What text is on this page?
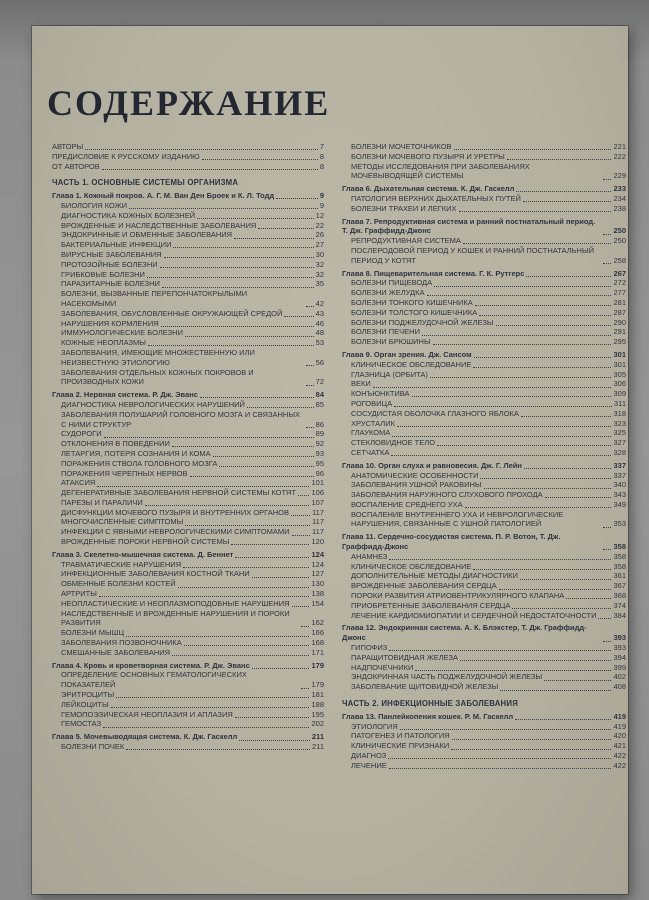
СОДЕРЖАНИЕ
АВТОРЫ	7
ПРЕДИСЛОВИЕ К РУССКОМУ ИЗДАНИЮ	8
ОТ АВТОРОВ	8
ЧАСТЬ 1. ОСНОВНЫЕ СИСТЕМЫ ОРГАНИЗМА
Глава 1. Кожный покров. А. Г. М. Ван Ден Броек и К. Л. Тодд	9
БИОЛОГИЯ КОЖИ	9
ДИАГНОСТИКА КОЖНЫХ БОЛЕЗНЕЙ	12
ВРОЖДЕННЫЕ И НАСЛЕДСТВЕННЫЕ ЗАБОЛЕВАНИЯ	22
ЭНДОКРИННЫЕ И ОБМЕННЫЕ ЗАБОЛЕВАНИЯ	26
БАКТЕРИАЛЬНЫЕ ИНФЕКЦИИ	27
ВИРУСНЫЕ ЗАБОЛЕВАНИЯ	30
ПРОТОЗОЙНЫЕ БОЛЕЗНИ	32
ГРИБКОВЫЕ БОЛЕЗНИ	32
ПАРАЗИТАРНЫЕ БОЛЕЗНИ	35
БОЛЕЗНИ, ВЫЗВАННЫЕ ПЕРЕПОНЧАТОКРЫЛЫМИ НАСЕКОМЫМИ	42
ЗАБОЛЕВАНИЯ, ОБУСЛОВЛЕННЫЕ ОКРУЖАЮЩЕЙ СРЕДОЙ	43
НАРУШЕНИЯ КОРМЛЕНИЯ	46
ИММУНОЛОГИЧЕСКИЕ БОЛЕЗНИ	48
КОЖНЫЕ НЕОПЛАЗМЫ	53
ЗАБОЛЕВАНИЯ, ИМЕЮЩИЕ МНОЖЕСТВЕННУЮ ИЛИ НЕИЗВЕСТНУЮ ЭТИОЛОГИЮ	56
ЗАБОЛЕВАНИЯ ОТДЕЛЬНЫХ КОЖНЫХ ПОКРОВОВ И ПРОИЗВОДНЫХ КОЖИ	72
Глава 2. Нервная система. Р. Дж. Эванс	84
ДИАГНОСТИКА НЕВРОЛОГИЧЕСКИХ НАРУШЕНИЙ	85
ЗАБОЛЕВАНИЯ ПОЛУШАРИЙ ГОЛОВНОГО МОЗГА И СВЯЗАННЫХ С НИМИ СТРУКТУР	86
СУДОРОГИ	89
ОТКЛОНЕНИЯ В ПОВЕДЕНИИ	92
ЛЕТАРГИЯ, ПОТЕРЯ СОЗНАНИЯ И КОМА	93
ПОРАЖЕНИЯ СТВОЛА ГОЛОВНОГО МОЗГА	95
ПОРАЖЕНИЯ ЧЕРЕПНЫХ НЕРВОВ	96
АТАКСИЯ	101
ДЕГЕНЕРАТИВНЫЕ ЗАБОЛЕВАНИЯ НЕРВНОЙ СИСТЕМЫ КОТЯТ 106
ПАРЕЗЫ И ПАРАЛИЧИ	107
ДИСФУНКЦИИ МОЧЕВОГО ПУЗЫРЯ И ВНУТРЕННИХ ОРГАНОВ	117
МНОГОЧИСЛЕННЫЕ СИМПТОМЫ	117
ИНФЕКЦИИ С ЯВНЫМИ НЕВРОЛОГИЧЕСКИМИ СИМПТОМАМИ	117
ВРОЖДЕННЫЕ ПОРОКИ НЕРВНОЙ СИСТЕМЫ	120
Глава 3. Скелетно-мышечная система. Д. Беннет	124
ТРАВМАТИЧЕСКИЕ НАРУШЕНИЯ	124
ИНФЕКЦИОННЫЕ ЗАБОЛЕВАНИЯ КОСТНОЙ ТКАНИ	127
ОБМЕННЫЕ БОЛЕЗНИ КОСТЕЙ	130
АРТРИТЫ	138
НЕОПЛАСТИЧЕСКИЕ И НЕОПЛАЗМОПОДОБНЫЕ НАРУШЕНИЯ	154
НАСЛЕДСТВЕННЫЕ И ВРОЖДЕННЫЕ НАРУШЕНИЯ И ПОРОКИ РАЗВИТИЯ	162
БОЛЕЗНИ МЫШЦ	166
ЗАБОЛЕВАНИЯ ПОЗВОНОЧНИКА	168
СМЕШАННЫЕ ЗАБОЛЕВАНИЯ	171
Глава 4. Кровь и кроветворная система. Р. Дж. Эванс	179
ОПРЕДЕЛЕНИЕ ОСНОВНЫХ ГЕМАТОЛОГИЧЕСКИХ ПОКАЗАТЕЛЕЙ	179
ЭРИТРОЦИТЫ	181
ЛЕЙКОЦИТЫ	188
ГЕМОПОЭЗИЧЕСКАЯ НЕОПЛАЗИЯ И АПЛАЗИЯ	195
ГЕМОСТАЗ	202
Глава 5. Мочевыводящая система. К. Дж. Гаскелл	211
БОЛЕЗНИ ПОЧЕК	211
БОЛЕЗНИ МОЧЕТОЧНИКОВ	221
БОЛЕЗНИ МОЧЕВОГО ПУЗЫРЯ И УРЕТРЫ	222
МЕТОДЫ ИССЛЕДОВАНИЯ ПРИ ЗАБОЛЕВАНИЯХ МОЧЕВЫВОДЯЩЕЙ СИСТЕМЫ	229
Глава 6. Дыхательная система. К. Дж. Гаскелл	233
ПАТОЛОГИЯ ВЕРХНИХ ДЫХАТЕЛЬНЫХ ПУТЕЙ	234
БОЛЕЗНИ ТРАХЕИ И ЛЕГКИХ	238
Глава 7. Репродуктивная система и ранний постнатальный период. Т. Дж. Граффидд-Джонс	250
РЕПРОДУКТИВНАЯ СИСТЕМА	250
ПОСЛЕРОДОВОЙ ПЕРИОД У КОШЕК И РАННИЙ ПОСТНАТАЛЬНЫЙ ПЕРИОД У КОТЯТ	258
Глава 8. Пищеварительная система. Г. К. Рутгерс	267
БОЛЕЗНИ ПИЩЕВОДА	272
БОЛЕЗНИ ЖЕЛУДКА	277
БОЛЕЗНИ ТОНКОГО КИШЕЧНИКА	281
БОЛЕЗНИ ТОЛСТОГО КИШЕЧНИКА	287
БОЛЕЗНИ ПОДЖЕЛУДОЧНОЙ ЖЕЛЕЗЫ	290
БОЛЕЗНИ ПЕЧЕНИ	291
БОЛЕЗНИ БРЮШИНЫ	295
Глава 9. Орган зрения. Дж. Сансом	301
КЛИНИЧЕСКОЕ ОБСЛЕДОВАНИЕ	301
ГЛАЗНИЦА (ОРБИТА)	305
ВЕКИ	306
КОНЪЮНКТИВА	309
РОГОВИЦА	311
СОСУДИСТАЯ ОБОЛОЧКА ГЛАЗНОГО ЯБЛОКА	318
ХРУСТАЛИК	323
ГЛАУКОМА	325
СТЕКЛОВИДНОЕ ТЕЛО	327
СЕТЧАТКА	328
Глава 10. Орган слуха и равновесия. Дж. Г. Лейн	337
АНАТОМИЧЕСКИЕ ОСОБЕННОСТИ	337
ЗАБОЛЕВАНИЯ УШНОЙ РАКОВИНЫ	340
ЗАБОЛЕВАНИЯ НАРУЖНОГО СЛУХОВОГО ПРОХОДА	343
ВОСПАЛЕНИЕ СРЕДНЕГО УХА	349
ВОСПАЛЕНИЕ ВНУТРЕННЕГО УХА И НЕВРОЛОГИЧЕСКИЕ НАРУШЕНИЯ, СВЯЗАННЫЕ С УШНОЙ ПАТОЛОГИЕЙ	353
Глава 11. Сердечно-сосудистая система. П. Р. Вотон, Т. Дж. Граффидд-Джонс	358
АНАМНЕЗ	358
КЛИНИЧЕСКОЕ ОБСЛЕДОВАНИЕ	358
ДОПОЛНИТЕЛЬНЫЕ МЕТОДЫ ДИАГНОСТИКИ	361
ВРОЖДЕННЫЕ ЗАБОЛЕВАНИЯ СЕРДЦА	367
ПОРОКИ РАЗВИТИЯ АТРИОВЕНТРИКУЛЯРНОГО КЛАПАНА	368
ПРИОБРЕТЕННЫЕ ЗАБОЛЕВАНИЯ СЕРДЦА	374
ЛЕЧЕНИЕ КАРДИОМИОПАТИИ И СЕРДЕЧНОЙ НЕДОСТАТОЧНОСТИ 384
Глава 12. Эндокринная система. А. К. Блэкстер, Т. Дж. Граффидд-Джонс	393
ГИПОФИЗ	393
ПАРАЩИТОВИДНАЯ ЖЕЛЕЗА	394
НАДПОЧЕЧНИКИ	399
ЭНДОКРИННАЯ ЧАСТЬ ПОДЖЕЛУДОЧНОЙ ЖЕЛЕЗЫ	402
ЗАБОЛЕВАНИЕ ЩИТОВИДНОЙ ЖЕЛЕЗЫ	408
ЧАСТЬ 2. ИНФЕКЦИОННЫЕ ЗАБОЛЕВАНИЯ
Глава 13. Панлейкопения кошек. Р. М. Гаскелл	419
ЭТИОЛОГИЯ	419
ПАТОГЕНЕЗ И ПАТОЛОГИЯ	420
КЛИНИЧЕСКИЕ ПРИЗНАКИ	421
ДИАГНОЗ	422
ЛЕЧЕНИЕ	422
